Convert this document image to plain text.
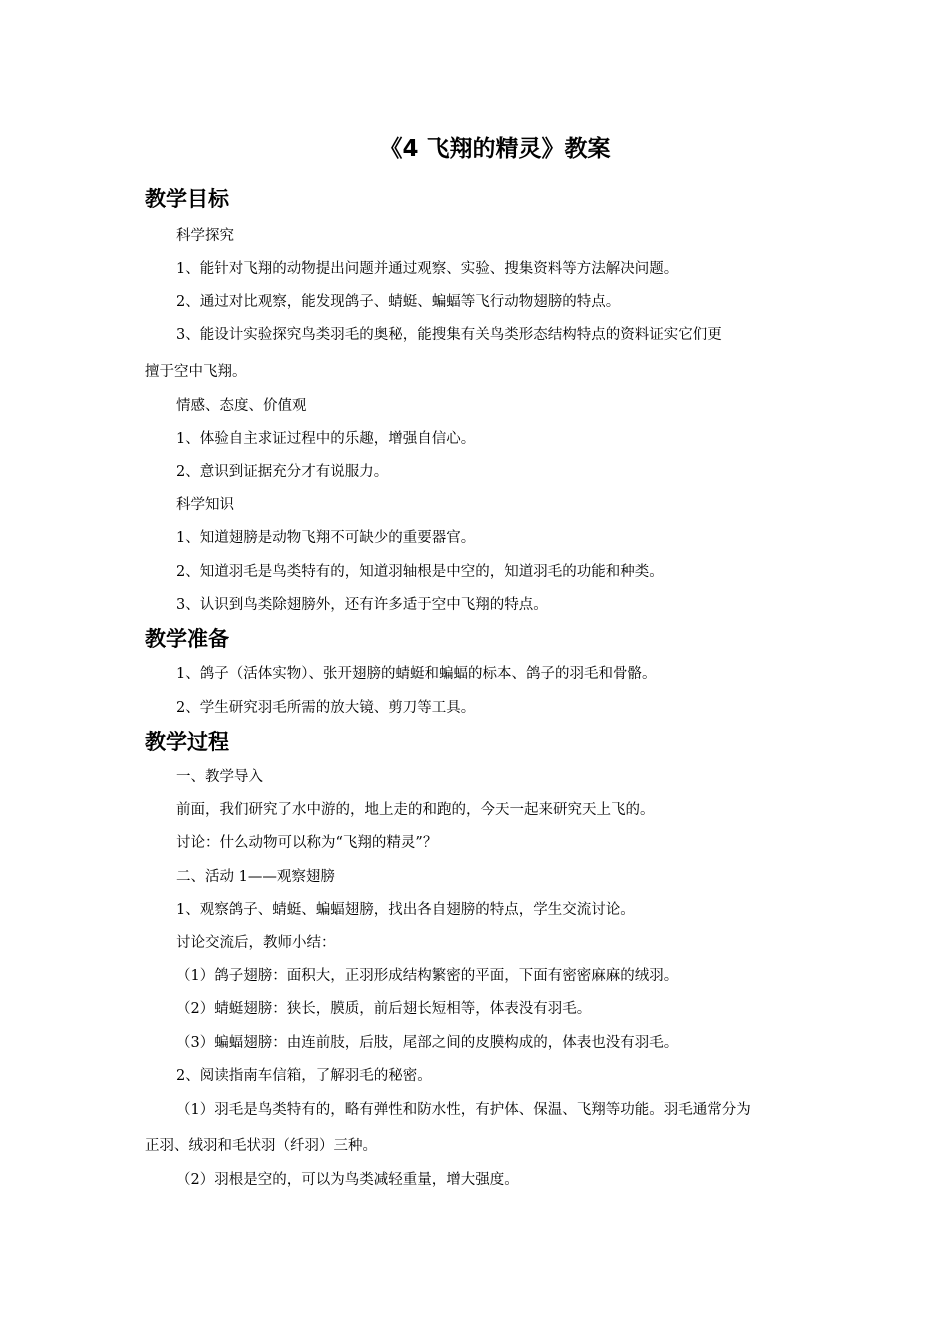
《4 飞翔的精灵》教案
教学目标
科学探究
1、能针对飞翔的动物提出问题并通过观察、实验、搜集资料等方法解决问题。
2、通过对比观察，能发现鸽子、蜻蜓、蝙蝠等飞行动物翅膀的特点。
3、能设计实验探究鸟类羽毛的奥秘，能搜集有关鸟类形态结构特点的资料证实它们更
擅于空中飞翔。
情感、态度、价值观
1、体验自主求证过程中的乐趣，增强自信心。
2、意识到证据充分才有说服力。
科学知识
1、知道翅膀是动物飞翔不可缺少的重要器官。
2、知道羽毛是鸟类特有的，知道羽轴根是中空的，知道羽毛的功能和种类。
3、认识到鸟类除翅膀外，还有许多适于空中飞翔的特点。
教学准备
1、鸽子（活体实物）、张开翅膀的蜻蜓和蝙蝠的标本、鸽子的羽毛和骨骼。
2、学生研究羽毛所需的放大镜、剪刀等工具。
教学过程
一、教学导入
前面，我们研究了水中游的，地上走的和跑的，今天一起来研究天上飞的。
讨论：什么动物可以称为“飞翔的精灵”？
二、活动 1——观察翅膀
1、观察鸽子、蜻蜓、蝙蝠翅膀，找出各自翅膀的特点，学生交流讨论。
讨论交流后，教师小结：
（1）鸽子翅膀：面积大，正羽形成结构繁密的平面，下面有密密麻麻的绒羽。
（2）蜻蜓翅膀：狭长，膜质，前后翅长短相等，体表没有羽毛。
（3）蝙蝠翅膀：由连前肢，后肢，尾部之间的皮膜构成的，体表也没有羽毛。
2、阅读指南车信箱，了解羽毛的秘密。
（1）羽毛是鸟类特有的，略有弹性和防水性，有护体、保温、飞翔等功能。羽毛通常分为
正羽、绒羽和毛状羽（纤羽）三种。
（2）羽根是空的，可以为鸟类减轻重量，增大强度。
